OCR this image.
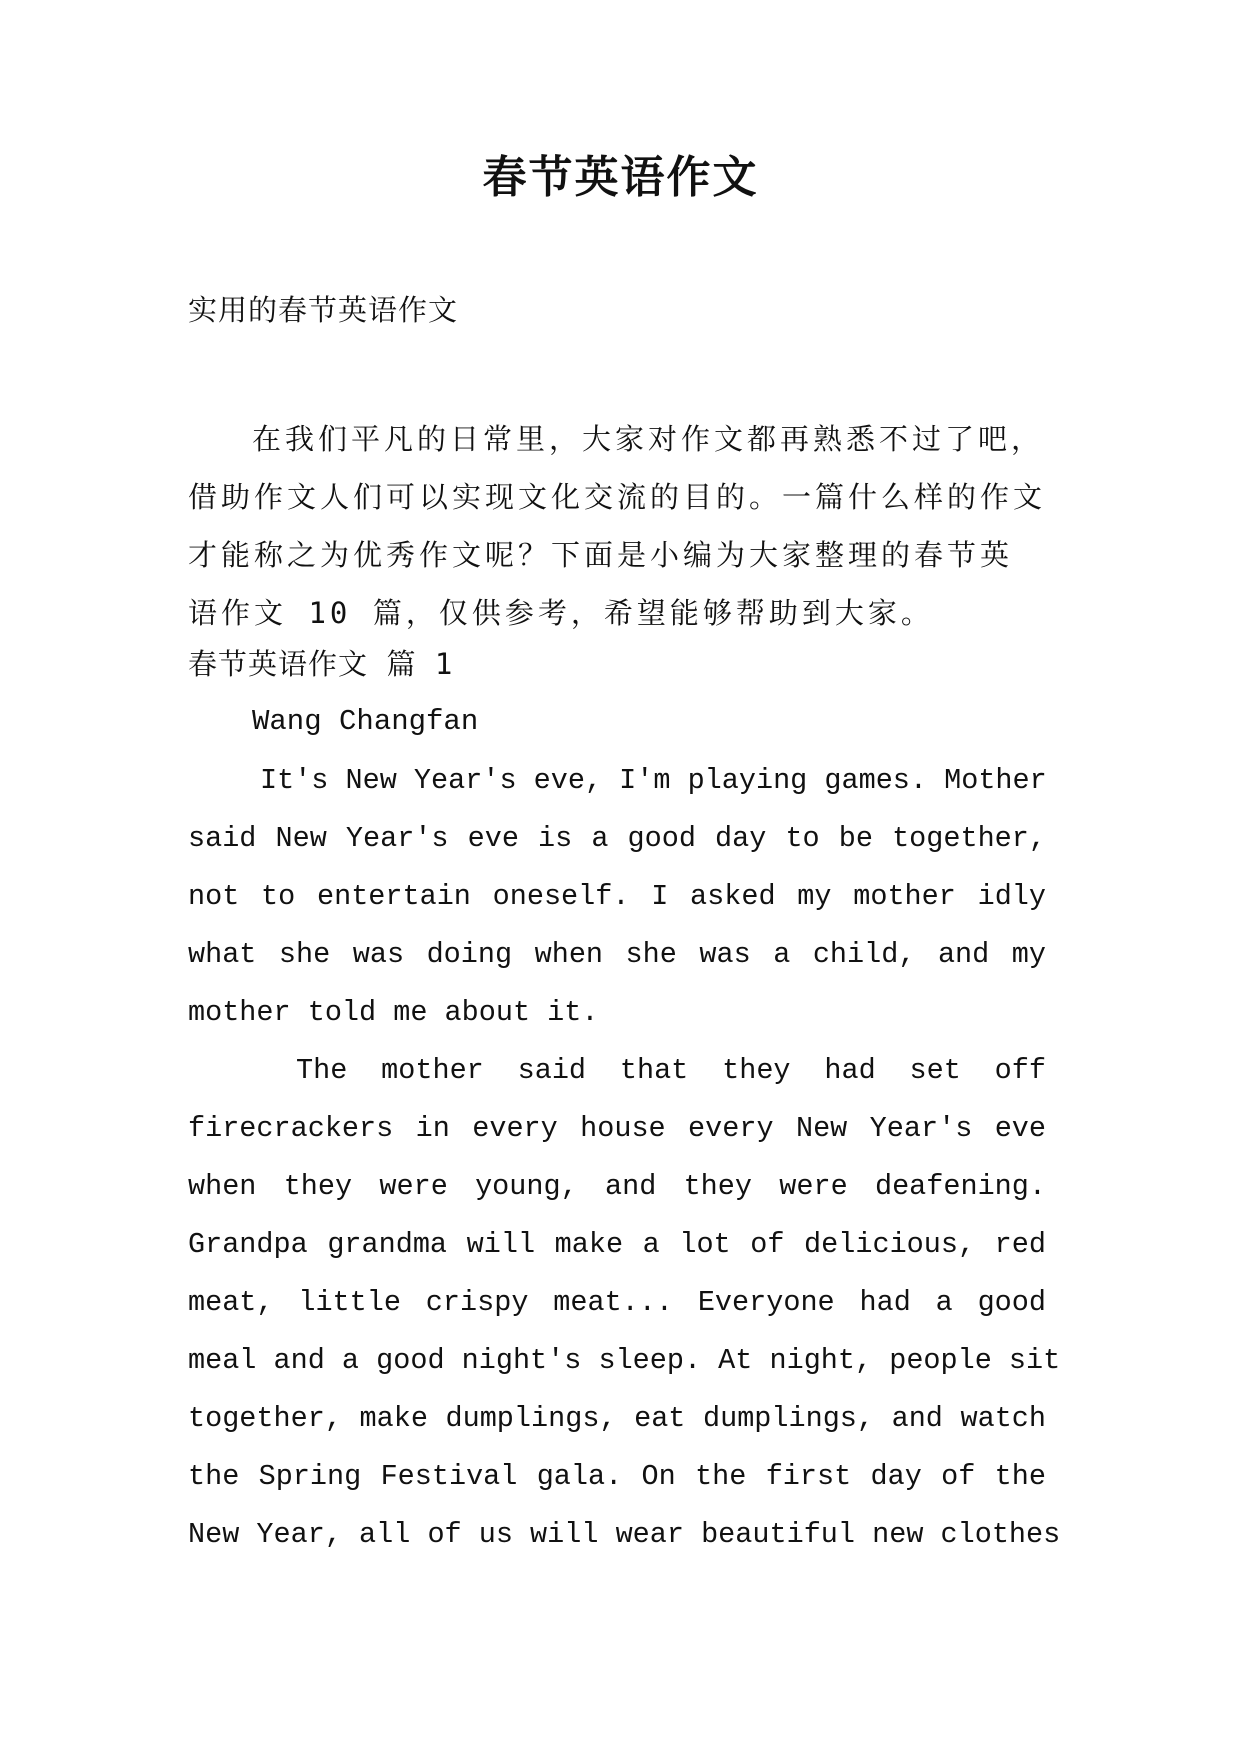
春节英语作文
实用的春节英语作文
在我们平凡的日常里，大家对作文都再熟悉不过了吧，
借助作文人们可以实现文化交流的目的。一篇什么样的作文
才能称之为优秀作文呢？下面是小编为大家整理的春节英
语作文 10 篇，仅供参考，希望能够帮助到大家。
春节英语作文 篇 1
Wang Changfan
It's New Year's eve, I'm playing games. Mother
said New Year's eve is a good day to be together,
not to entertain oneself. I asked my mother idly
what she was doing when she was a child, and my
mother told me about it.
The mother said that they had set off
firecrackers in every house every New Year's eve
when they were young, and they were deafening.
Grandpa grandma will make a lot of delicious, red
meat, little crispy meat... Everyone had a good
meal and a good night's sleep. At night, people sit
together, make dumplings, eat dumplings, and watch
the Spring Festival gala. On the first day of the
New Year, all of us will wear beautiful new clothes
